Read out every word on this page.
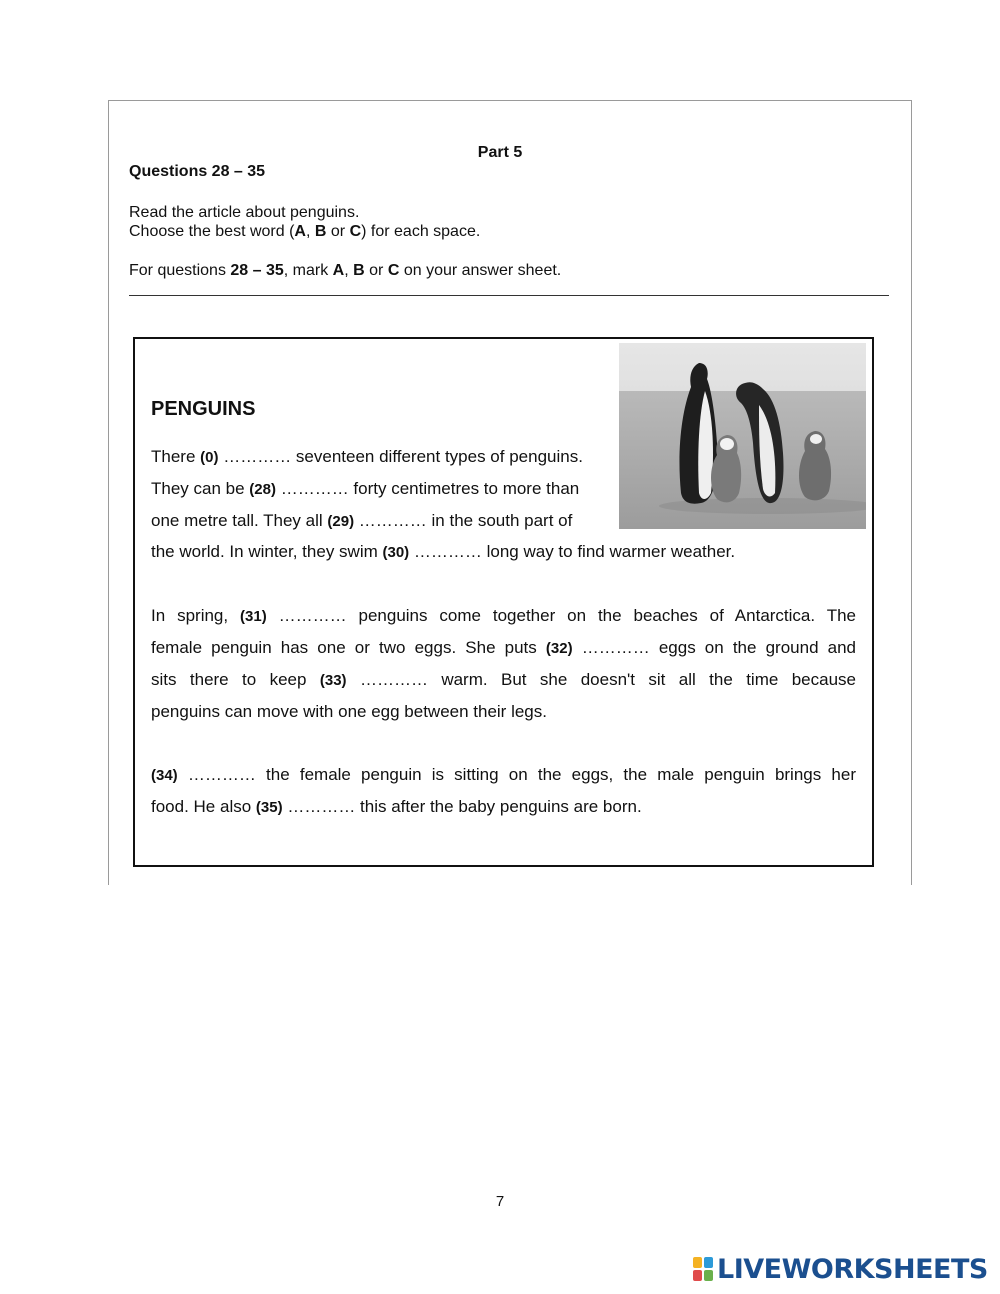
Part 5
Questions 28 – 35
Read the article about penguins.
Choose the best word (A, B or C) for each space.
For questions 28 – 35, mark A, B or C on your answer sheet.
PENGUINS
There (0) ………… seventeen different types of penguins.
They can be (28) ………… forty centimetres to more than
one metre tall. They all (29) ………… in the south part of
the world. In winter, they swim (30) ………… long way to find warmer weather.
In spring, (31) ………… penguins come together on the beaches of Antarctica. The
female penguin has one or two eggs. She puts (32) ………… eggs on the ground and
sits there to keep (33) ………… warm. But she doesn't sit all the time because
penguins can move with one egg between their legs.
(34) ………… the female penguin is sitting on the eggs, the male penguin brings her
food. He also (35) ………… this after the baby penguins are born.
7
LIVEWORKSHEETS
